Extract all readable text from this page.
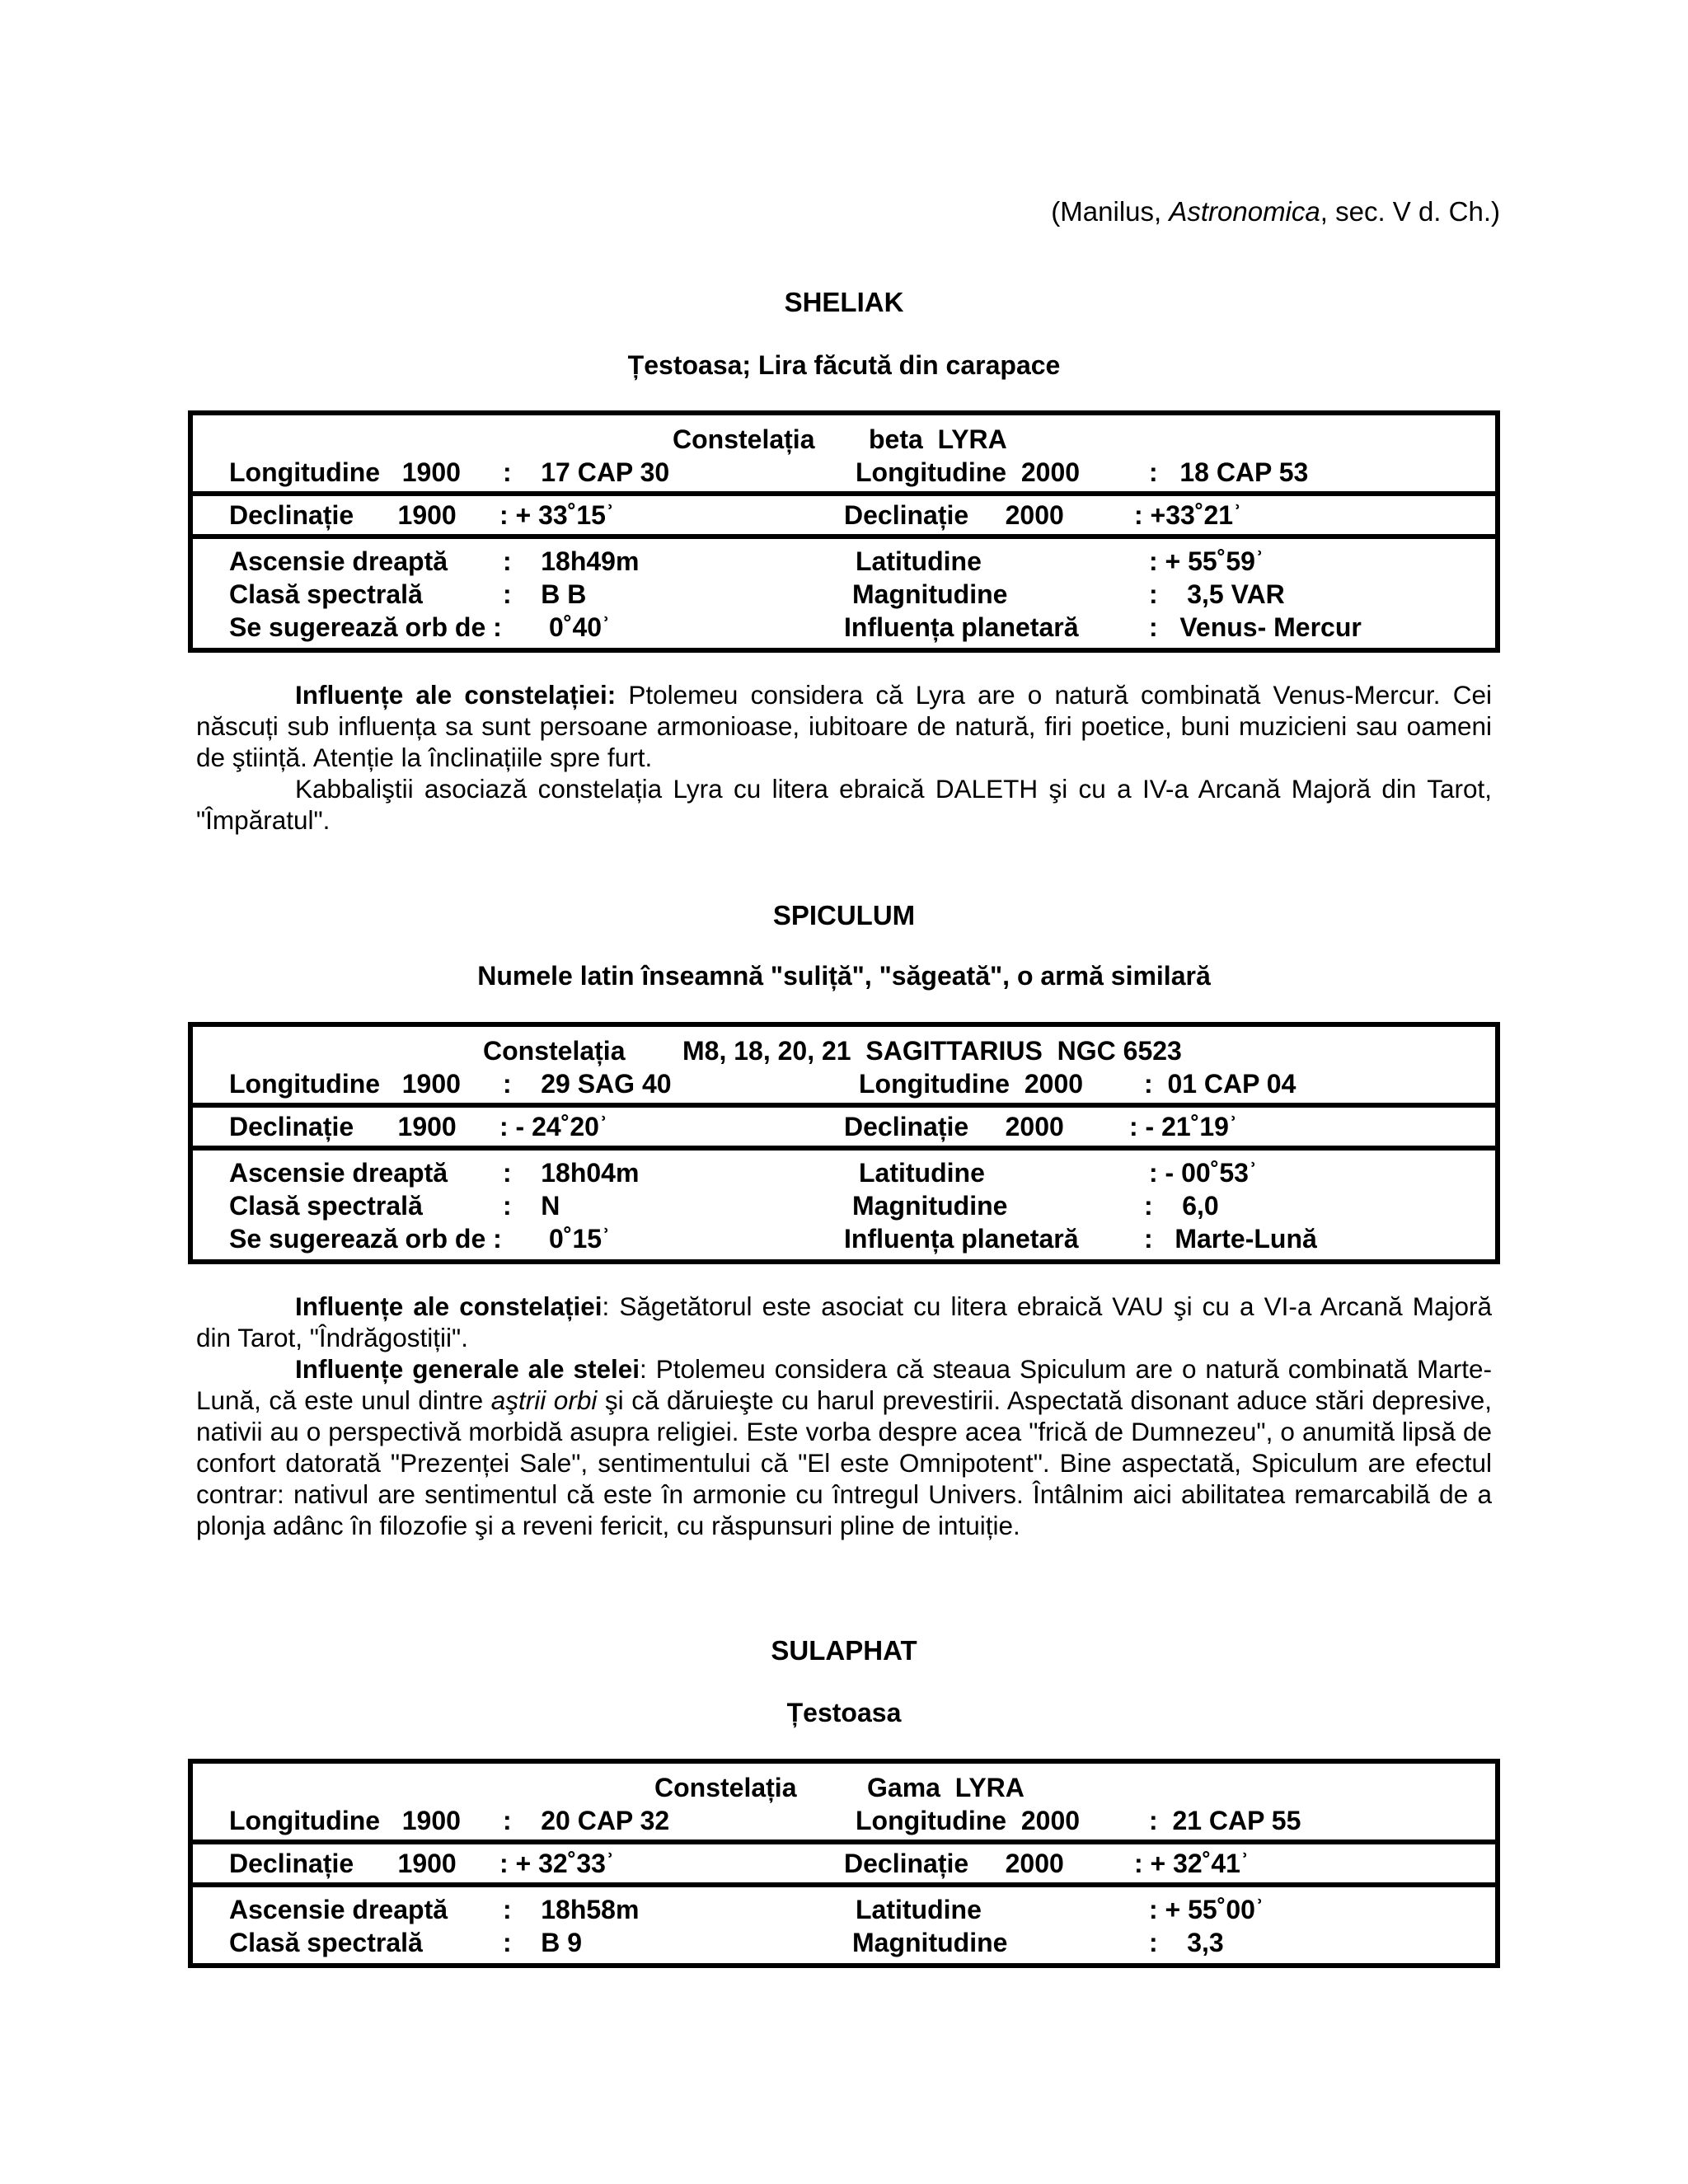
(Manilus, Astronomica, sec. V d. Ch.)
SHELIAK
Țestoasa; Lira făcută din carapace
Constelația beta  LYRA
Longitudine   1900 :    17 CAP 30	Longitudine  2000	:   18 CAP 53
Declinație      1900 : + 33˚15ʾ	Declinație     2000	: +33˚21ʾ
Ascensie dreaptă :    18h49m	Latitudine	: + 55˚59ʾ
Clasă spectrală	:    B B	Magnitudine	:    3,5 VAR
Se sugerează orb de : 0˚40ʾ	Influența planetară	:   Venus- Mercur

Influențe ale constelației: Ptolemeu considera că Lyra are o natură combinată Venus-Mercur. Cei născuți sub influența sa sunt persoane armonioase, iubitoare de natură, firi poetice, buni muzicieni sau oameni de ştiință. Atenție la înclinațiile spre furt.

Kabbaliştii asociază constelația Lyra cu litera ebraică DALETH şi cu a IV-a Arcană Majoră din Tarot, "Împăratul".

SPICULUM
Numele latin înseamnă "suliță", "săgeată", o armă similară
Constelația M8, 18, 20, 21  SAGITTARIUS  NGC 6523
Longitudine   1900 :    29 SAG 40	Longitudine  2000 :  01 CAP 04
Declinație      1900 : - 24˚20ʾ	Declinație     2000 : - 21˚19ʾ
Ascensie dreaptă :    18h04m	Latitudine	: - 00˚53ʾ
Clasă spectrală	:    N	Magnitudine	:    6,0
Se sugerează orb de : 0˚15ʾ	Influența planetară :   Marte-Lună

Influențe ale constelației: Săgetătorul este asociat cu litera ebraică VAU şi cu a VI-a Arcană Majoră din Tarot, "Îndrăgostiții".

Influențe generale ale stelei: Ptolemeu considera că steaua Spiculum are o natură combinată Marte-Lună, că este unul dintre aştrii orbi şi că dăruieşte cu harul prevestirii. Aspectată disonant aduce stări depresive, nativii au o perspectivă morbidă asupra religiei. Este vorba despre acea "frică de Dumnezeu", o anumită lipsă de confort datorată "Prezenței Sale", sentimentului că "El este Omnipotent". Bine aspectată, Spiculum are efectul contrar: nativul are sentimentul că este în armonie cu întregul Univers. Întâlnim aici abilitatea remarcabilă de a plonja adânc în filozofie şi a reveni fericit, cu răspunsuri pline de intuiție.

SULAPHAT
Țestoasa
Constelația	Gama  LYRA
Longitudine   1900 :    20 CAP 32	Longitudine  2000	:  21 CAP 55
Declinație      1900 : + 32˚33ʾ	Declinație     2000	: + 32˚41ʾ
Ascensie dreaptă :    18h58m	Latitudine	: + 55˚00ʾ
Clasă spectrală	:    B 9	Magnitudine	:    3,3
